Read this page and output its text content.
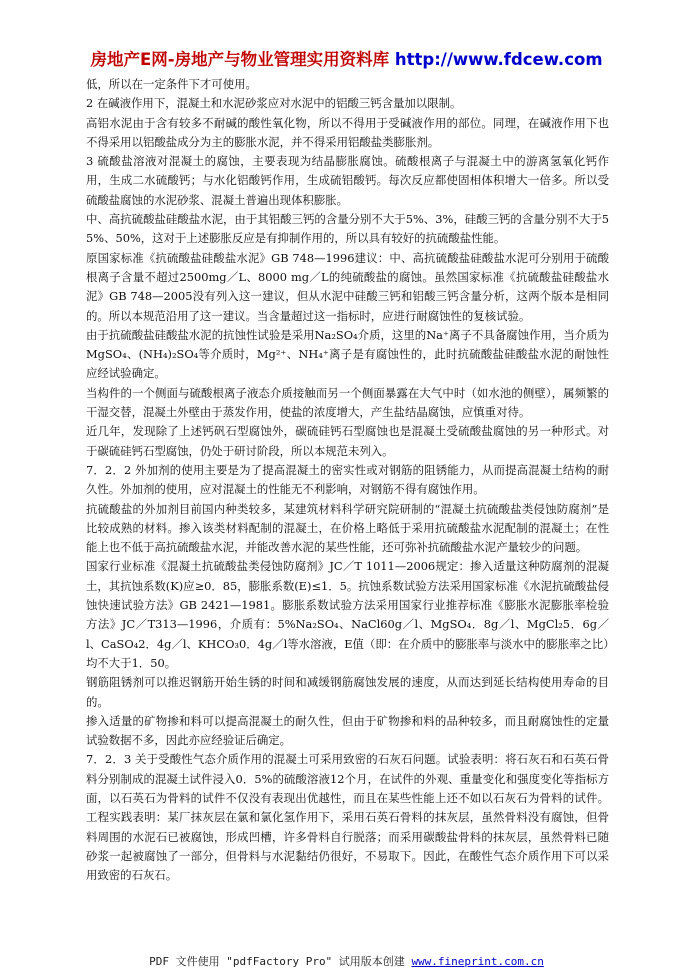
房地产E网-房地产与物业管理实用资料库 http://www.fdcew.com

低，所以在一定条件下才可使用。

2 在碱液作用下，混凝土和水泥砂浆应对水泥中的铝酸三钙含量加以限制。

高铝水泥由于含有较多不耐碱的酸性氧化物，所以不得用于受碱液作用的部位。同理，在碱液作用下也不得采用以铝酸盐成分为主的膨胀水泥，并不得采用铝酸盐类膨胀剂。

3 硫酸盐溶液对混凝土的腐蚀，主要表现为结晶膨胀腐蚀。硫酸根离子与混凝土中的游离氢氧化钙作用，生成二水硫酸钙；与水化铝酸钙作用，生成硫铝酸钙。每次反应都使固相体积增大一倍多。所以受硫酸盐腐蚀的水泥砂浆、混凝土普遍出现体积膨胀。

中、高抗硫酸盐硅酸盐水泥，由于其铝酸三钙的含量分别不大于5%、3%，硅酸三钙的含量分别不大于55%、50%，这对于上述膨胀反应是有抑制作用的，所以具有较好的抗硫酸盐性能。

原国家标准《抗硫酸盐硅酸盐水泥》GB 748—1996建议：中、高抗硫酸盐硅酸盐水泥可分别用于硫酸根离子含量不超过2500mg／L、8000 mg／L的纯硫酸盐的腐蚀。虽然国家标准《抗硫酸盐硅酸盐水泥》GB 748—2005没有列入这一建议，但从水泥中硅酸三钙和铝酸三钙含量分析，这两个版本是相同的。所以本规范沿用了这一建议。当含量超过这一指标时，应进行耐腐蚀性的复核试验。

由于抗硫酸盐硅酸盐水泥的抗蚀性试验是采用Na₂SO₄介质，这里的Na⁺离子不具备腐蚀作用，当介质为MgSO₄、(NH₄)₂SO₄等介质时，Mg²⁺、NH₄⁺离子是有腐蚀性的，此时抗硫酸盐硅酸盐水泥的耐蚀性应经试验确定。

当构件的一个侧面与硫酸根离子液态介质接触而另一个侧面暴露在大气中时（如水池的侧壁），属频繁的干湿交替，混凝土外壁由于蒸发作用，使盐的浓度增大，产生盐结晶腐蚀，应慎重对待。

近几年，发现除了上述钙矾石型腐蚀外，碳硫硅钙石型腐蚀也是混凝土受硫酸盐腐蚀的另一种形式。对于碳硫硅钙石型腐蚀，仍处于研讨阶段，所以本规范未列入。

7．2．2 外加剂的使用主要是为了提高混凝土的密实性或对钢筋的阻锈能力，从而提高混凝土结构的耐久性。外加剂的使用，应对混凝土的性能无不利影响，对钢筋不得有腐蚀作用。

抗硫酸盐的外加剂目前国内种类较多，某建筑材料科学研究院研制的“混凝土抗硫酸盐类侵蚀防腐剂”是比较成熟的材料。掺入该类材料配制的混凝土，在价格上略低于采用抗硫酸盐水泥配制的混凝土；在性能上也不低于高抗硫酸盐水泥，并能改善水泥的某些性能，还可弥补抗硫酸盐水泥产量较少的问题。

国家行业标准《混凝土抗硫酸盐类侵蚀防腐剂》JC／T 1011—2006规定：掺入适量这种防腐剂的混凝土，其抗蚀系数(K)应≥0．85，膨胀系数(E)≤1．5。抗蚀系数试验方法采用国家标准《水泥抗硫酸盐侵蚀快速试验方法》GB 2421—1981。膨胀系数试验方法采用国家行业推荐标准《膨胀水泥膨胀率检验方法》JC／T313—1996，介质有：5%Na₂SO₄、NaCl60g／l、MgSO₄．8g／l、MgCl₂5．6g／l、CaSO₄2．4g／l、KHCO₃0．4g／l等水溶液，E值（即：在介质中的膨胀率与淡水中的膨胀率之比）均不大于1．50。

钢筋阻锈剂可以推迟钢筋开始生锈的时间和减缓钢筋腐蚀发展的速度，从而达到延长结构使用寿命的目的。

掺入适量的矿物掺和料可以提高混凝土的耐久性，但由于矿物掺和料的品种较多，而且耐腐蚀性的定量试验数据不多，因此亦应经验证后确定。

7．2．3 关于受酸性气态介质作用的混凝土可采用致密的石灰石问题。试验表明：将石灰石和石英石骨料分别制成的混凝土试件浸入0．5%的硫酸溶液12个月，在试件的外观、重量变化和强度变化等指标方面，以石英石为骨料的试件不仅没有表现出优越性，而且在某些性能上还不如以石灰石为骨料的试件。工程实践表明：某厂抹灰层在氯和氯化氢作用下，采用石英石骨料的抹灰层，虽然骨料没有腐蚀，但骨料周围的水泥石已被腐蚀，形成凹槽，许多骨料自行脱落；而采用碳酸盐骨料的抹灰层，虽然骨料已随砂浆一起被腐蚀了一部分，但骨料与水泥黏结仍很好，不易取下。因此，在酸性气态介质作用下可以采用致密的石灰石。

PDF 文件使用 "pdfFactory Pro" 试用版本创建 www.fineprint.com.cn
